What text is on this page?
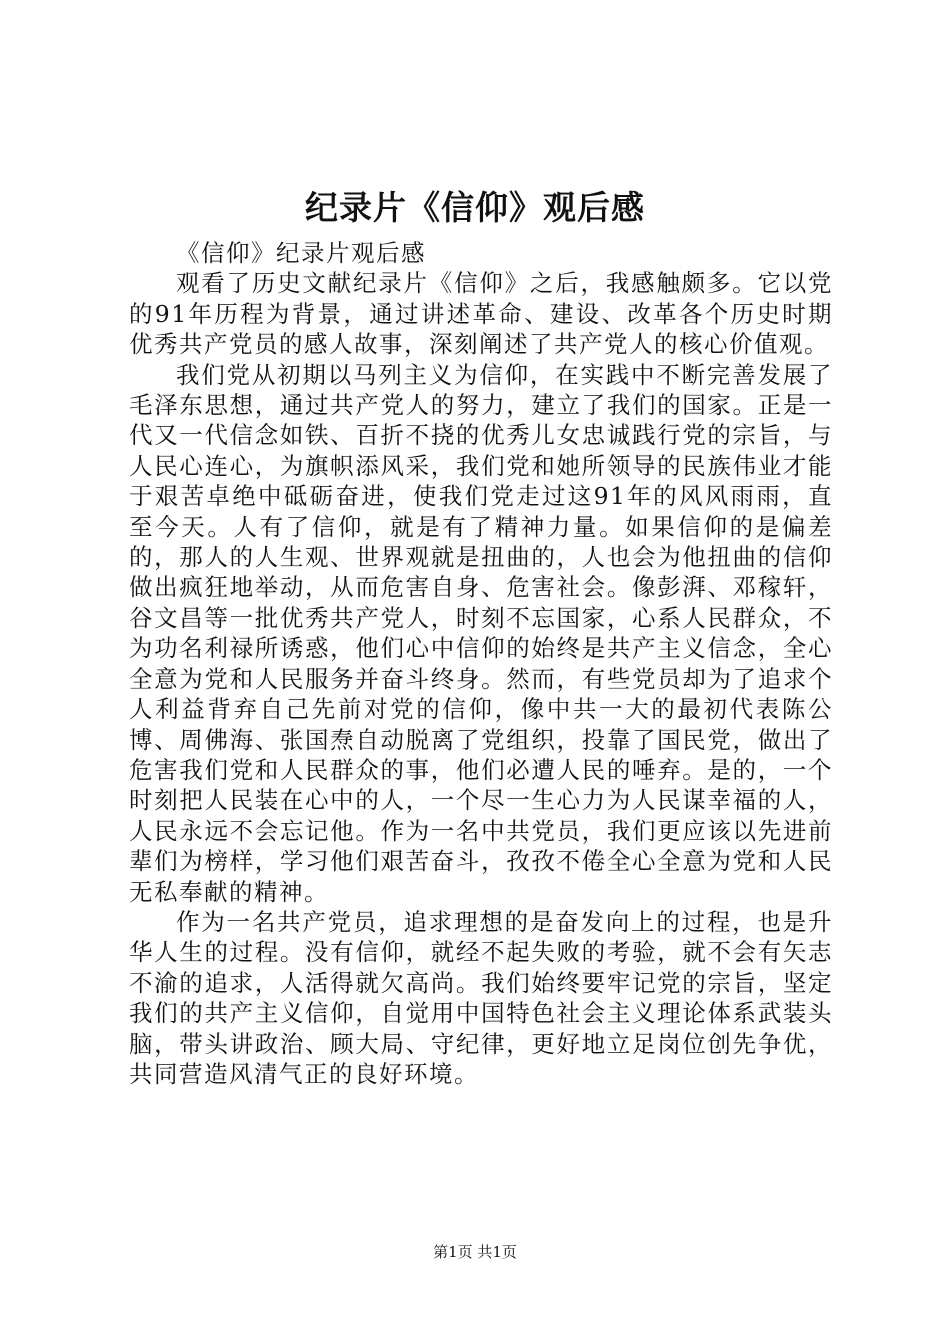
纪录片《信仰》观后感

《信仰》纪录片观后感

观看了历史文献纪录片《信仰》之后，我感触颇多。它以党的91年历程为背景，通过讲述革命、建设、改革各个历史时期优秀共产党员的感人故事，深刻阐述了共产党人的核心价值观。

我们党从初期以马列主义为信仰，在实践中不断完善发展了毛泽东思想，通过共产党人的努力，建立了我们的国家。正是一代又一代信念如铁、百折不挠的优秀儿女忠诚践行党的宗旨，与人民心连心，为旗帜添风采，我们党和她所领导的民族伟业才能于艰苦卓绝中砥砺奋进，使我们党走过这91年的风风雨雨，直至今天。人有了信仰，就是有了精神力量。如果信仰的是偏差的，那人的人生观、世界观就是扭曲的，人也会为他扭曲的信仰做出疯狂地举动，从而危害自身、危害社会。像彭湃、邓稼轩，谷文昌等一批优秀共产党人，时刻不忘国家，心系人民群众，不为功名利禄所诱惑，他们心中信仰的始终是共产主义信念，全心全意为党和人民服务并奋斗终身。然而，有些党员却为了追求个人利益背弃自己先前对党的信仰，像中共一大的最初代表陈公博、周佛海、张国焘自动脱离了党组织，投靠了国民党，做出了危害我们党和人民群众的事，他们必遭人民的唾弃。是的，一个时刻把人民装在心中的人，一个尽一生心力为人民谋幸福的人，人民永远不会忘记他。作为一名中共党员，我们更应该以先进前辈们为榜样，学习他们艰苦奋斗，孜孜不倦全心全意为党和人民无私奉献的精神。

作为一名共产党员，追求理想的是奋发向上的过程，也是升华人生的过程。没有信仰，就经不起失败的考验，就不会有矢志不渝的追求，人活得就欠高尚。我们始终要牢记党的宗旨，坚定我们的共产主义信仰，自觉用中国特色社会主义理论体系武装头脑，带头讲政治、顾大局、守纪律，更好地立足岗位创先争优，共同营造风清气正的良好环境。

第1页 共1页
